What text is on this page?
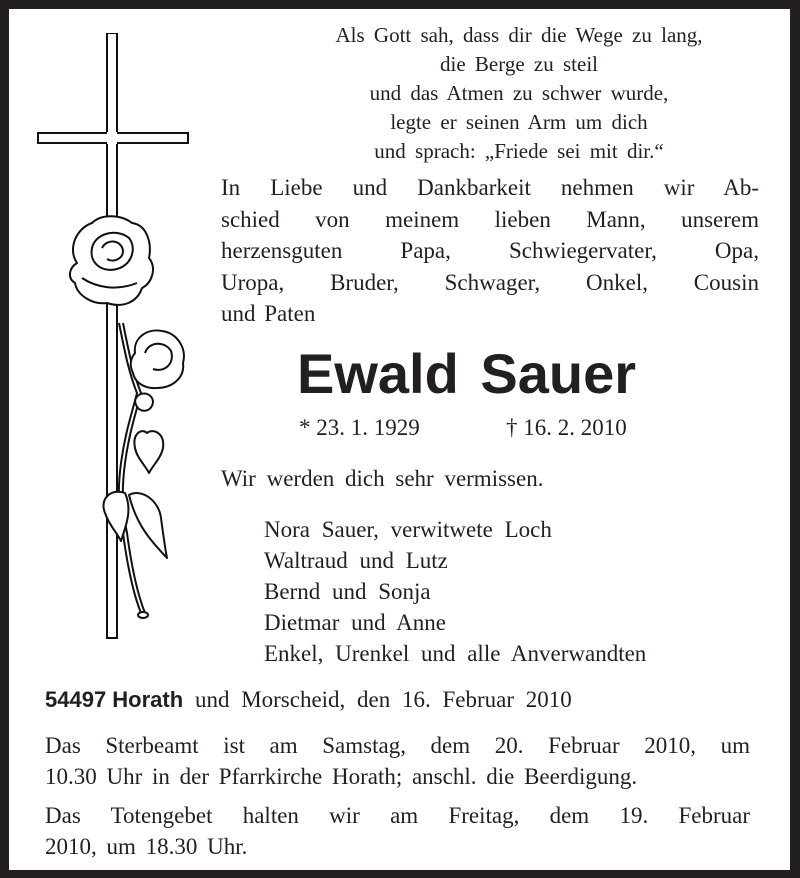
Als Gott sah, dass dir die Wege zu lang,
die Berge zu steil
und das Atmen zu schwer wurde,
legte er seinen Arm um dich
und sprach: „Friede sei mit dir.“
In Liebe und Dankbarkeit nehmen wir Ab-
schied von meinem lieben Mann, unserem
herzensguten Papa, Schwiegervater, Opa,
Uropa, Bruder, Schwager, Onkel, Cousin
und Paten
Ewald Sauer
* 23. 1. 1929	† 16. 2. 2010
Wir werden dich sehr vermissen.
Nora Sauer, verwitwete Loch
Waltraud und Lutz
Bernd und Sonja
Dietmar und Anne
Enkel, Urenkel und alle Anverwandten
54497 Horath und Morscheid, den 16. Februar 2010
Das Sterbeamt ist am Samstag, dem 20. Februar 2010, um
10.30 Uhr in der Pfarrkirche Horath; anschl. die Beerdigung.
Das Totengebet halten wir am Freitag, dem 19. Februar
2010, um 18.30 Uhr.
